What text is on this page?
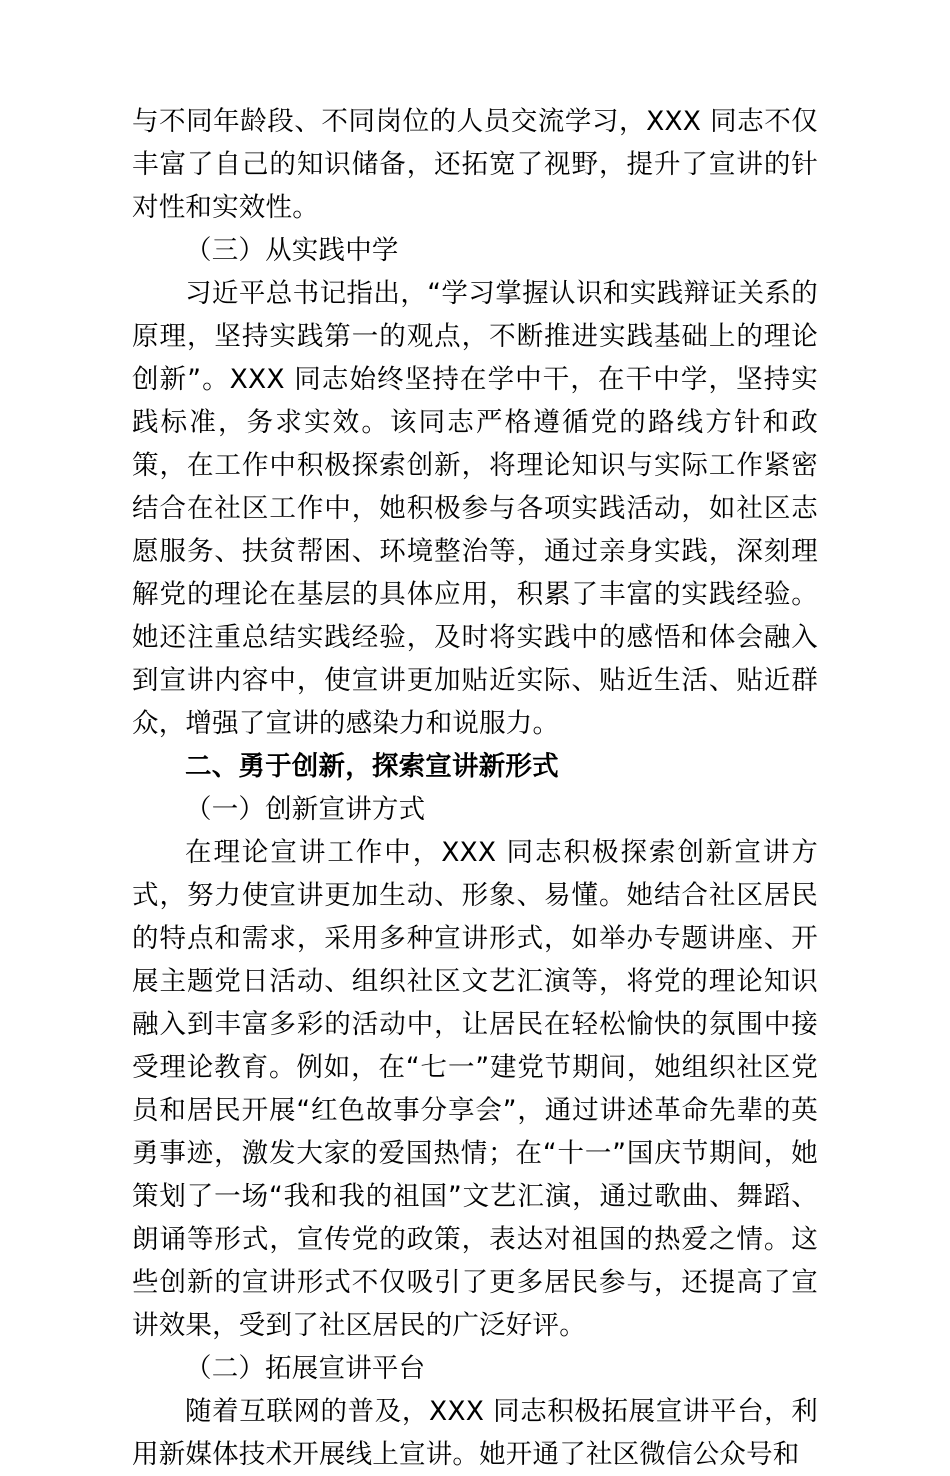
与不同年龄段、不同岗位的人员交流学习，XXX 同志不仅丰富了自己的知识储备，还拓宽了视野，提升了宣讲的针对性和实效性。

（三）从实践中学

习近平总书记指出，“学习掌握认识和实践辩证关系的原理，坚持实践第一的观点，不断推进实践基础上的理论创新”。XXX 同志始终坚持在学中干，在干中学，坚持实践标准，务求实效。该同志严格遵循党的路线方针和政策，在工作中积极探索创新，将理论知识与实际工作紧密结合在社区工作中，她积极参与各项实践活动，如社区志愿服务、扶贫帮困、环境整治等，通过亲身实践，深刻理解党的理论在基层的具体应用，积累了丰富的实践经验。她还注重总结实践经验，及时将实践中的感悟和体会融入到宣讲内容中，使宣讲更加贴近实际、贴近生活、贴近群众，增强了宣讲的感染力和说服力。

二、勇于创新，探索宣讲新形式

（一）创新宣讲方式

在理论宣讲工作中，XXX 同志积极探索创新宣讲方式，努力使宣讲更加生动、形象、易懂。她结合社区居民的特点和需求，采用多种宣讲形式，如举办专题讲座、开展主题党日活动、组织社区文艺汇演等，将党的理论知识融入到丰富多彩的活动中，让居民在轻松愉快的氛围中接受理论教育。例如，在“七一”建党节期间，她组织社区党员和居民开展“红色故事分享会”，通过讲述革命先辈的英勇事迹，激发大家的爱国热情；在“十一”国庆节期间，她策划了一场“我和我的祖国”文艺汇演，通过歌曲、舞蹈、朗诵等形式，宣传党的政策，表达对祖国的热爱之情。这些创新的宣讲形式不仅吸引了更多居民参与，还提高了宣讲效果，受到了社区居民的广泛好评。

（二）拓展宣讲平台

随着互联网的普及，XXX 同志积极拓展宣讲平台，利用新媒体技术开展线上宣讲。她开通了社区微信公众号和
